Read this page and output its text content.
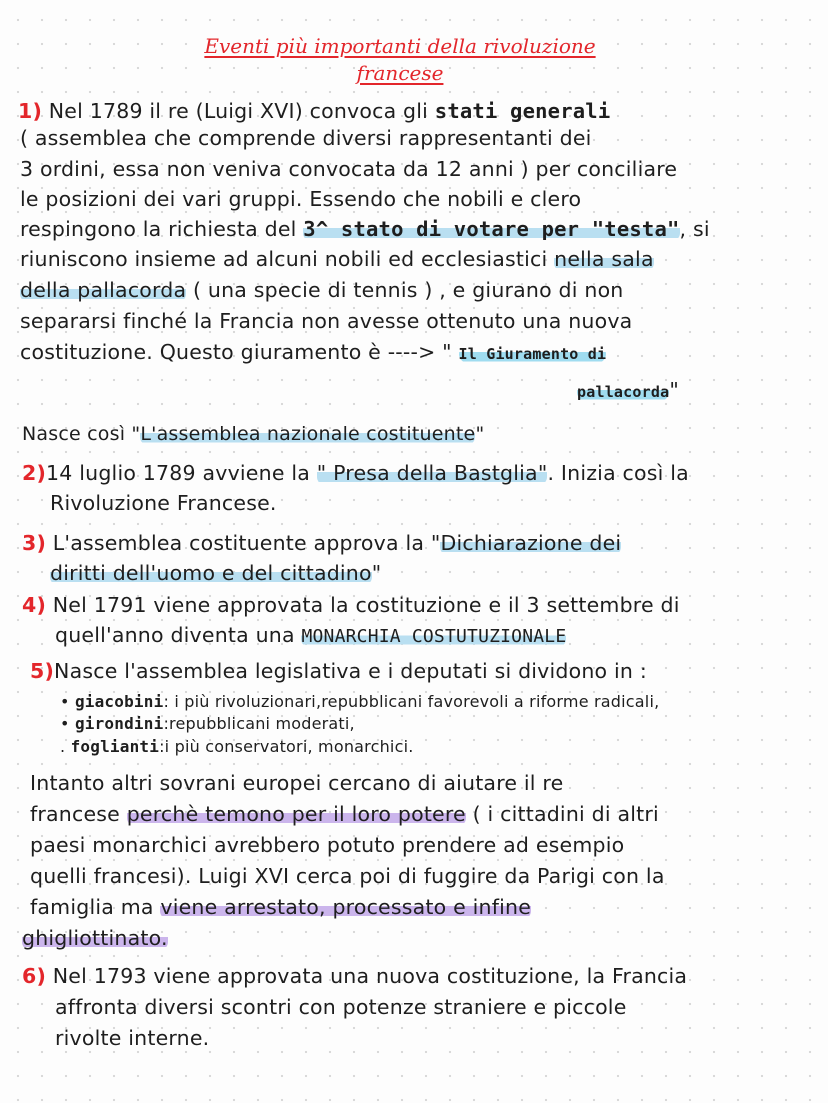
Eventi più importanti della rivoluzione
francese
1) Nel 1789 il re (Luigi XVI) convoca gli stati generali
( assemblea che comprende diversi rappresentanti dei
3 ordini, essa non veniva convocata da 12 anni ) per conciliare
le posizioni dei vari gruppi. Essendo che nobili e clero
respingono la richiesta del 3^ stato di votare per "testa", si
riuniscono insieme ad alcuni nobili ed ecclesiastici nella sala
della pallacorda ( una specie di tennis ) , e giurano di non
separarsi finché la Francia non avesse ottenuto una nuova
costituzione. Questo giuramento è ----> " Il Giuramento di
pallacorda"
Nasce così "L'assemblea nazionale costituente"
2)14 luglio 1789 avviene la " Presa della Bastglia". Inizia così la
Rivoluzione Francese.
3) L'assemblea costituente approva la "Dichiarazione dei
diritti dell'uomo e del cittadino"
4) Nel 1791 viene approvata la costituzione e il 3 settembre di
quell'anno diventa una MONARCHIA COSTUTUZIONALE
5)Nasce l'assemblea legislativa e i deputati si dividono in :
• giacobini: i più rivoluzionari,repubblicani favorevoli a riforme radicali,
• girondini:repubblicani moderati,
. foglianti:i più conservatori, monarchici.
Intanto altri sovrani europei cercano di aiutare il re
francese perchè temono per il loro potere ( i cittadini di altri
paesi monarchici avrebbero potuto prendere ad esempio
quelli francesi). Luigi XVI cerca poi di fuggire da Parigi con la
famiglia ma viene arrestato, processato e infine
ghigliottinato.
6) Nel 1793 viene approvata una nuova costituzione, la Francia
affronta diversi scontri con potenze straniere e piccole
rivolte interne.
